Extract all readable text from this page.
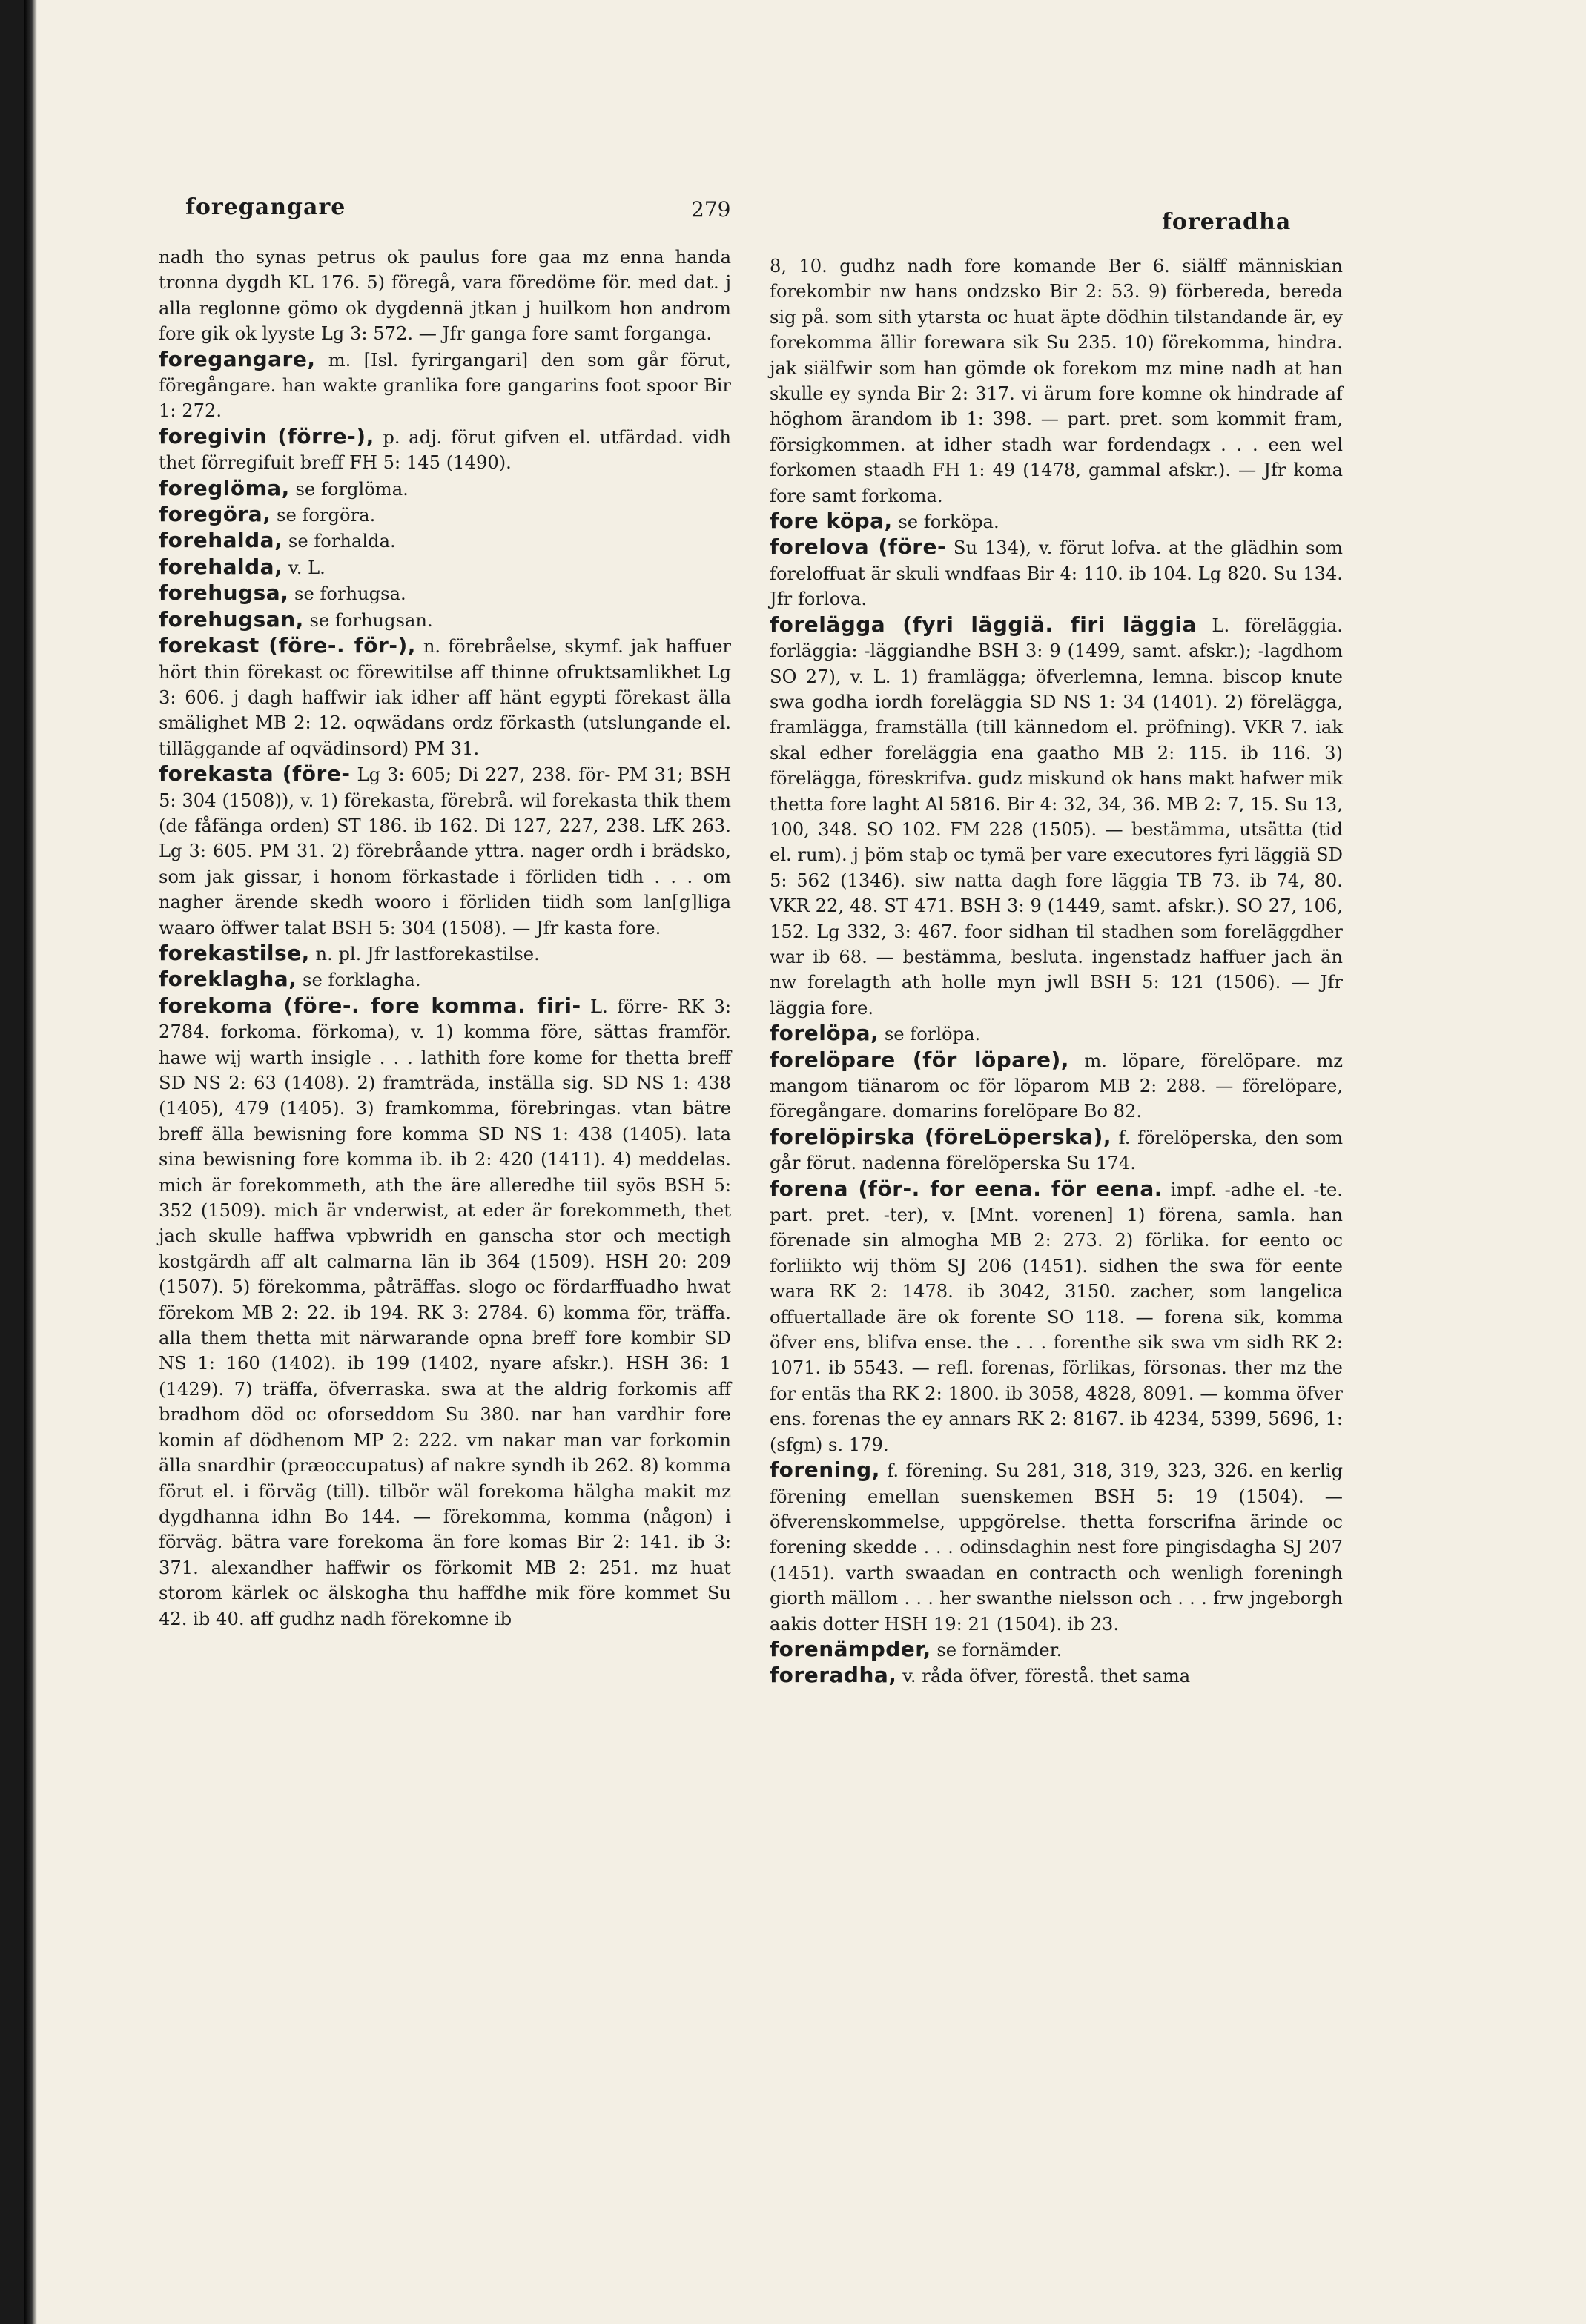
foregangare	279	foreradha

nadh tho synas petrus ok paulus fore gaa mz enna handa tronna dygdh KL 176. 5) föregå, vara föredöme för. med dat. j alla reglonne gömo ok dygdennä jtkan j huilkom hon androm fore gik ok lyyste Lg 3: 572. — Jfr ganga fore samt forganga.

foregangare, m. [Isl. fyrirgangari] den som går förut, föregångare. han wakte granlika fore gangarins foot spoor Bir 1: 272.

foregivin (förre-), p. adj. förut gifven el. utfärdad. vidh thet förregifuit breff FH 5: 145 (1490).

foreglöma, se forglöma.

foregöra, se forgöra.

forehalda, se forhalda.

forehalda, v. L.

forehugsa, se forhugsa.

forehugsan, se forhugsan.

forekast (före-. för-), n. förebråelse, skymf. jak haffuer hört thin förekast oc förewitilse aff thinne ofruktsamlikhet Lg 3: 606. j dagh haffwir iak idher aff hänt egypti förekast älla smälighet MB 2: 12. oqwädans ordz förkasth (utslungande el. tilläggande af oqvädinsord) PM 31.

forekasta (före- Lg 3: 605; Di 227, 238. för- PM 31; BSH 5: 304 (1508)), v. 1) förekasta, förebrå. wil forekasta thik them (de fåfänga orden) ST 186. ib 162. Di 127, 227, 238. LfK 263. Lg 3: 605. PM 31. 2) förebråande yttra. nager ordh i brädsko, som jak gissar, i honom förkastade i förliden tidh . . . om nagher ärende skedh wooro i förliden tiidh som lan[g]liga waaro öffwer talat BSH 5: 304 (1508). — Jfr kasta fore.

forekastilse, n. pl. Jfr lastforekastilse.

foreklagha, se forklagha.

forekoma (före-. fore komma. firi- L. förre- RK 3: 2784. forkoma. förkoma), v. 1) komma före, sättas framför. hawe wij warth insigle . . . lathith fore kome for thetta breff SD NS 2: 63 (1408). 2) framträda, inställa sig. SD NS 1: 438 (1405), 479 (1405). 3) framkomma, förebringas. vtan bätre breff älla bewisning fore komma SD NS 1: 438 (1405). lata sina bewisning fore komma ib. ib 2: 420 (1411). 4) meddelas. mich är forekommeth, ath the äre alleredhe tiil syös BSH 5: 352 (1509). mich är vnderwist, at eder är forekommeth, thet jach skulle haffwa vpbwridh en ganscha stor och mectigh kostgärdh aff alt calmarna län ib 364 (1509). HSH 20: 209 (1507). 5) förekomma, påträffas. slogo oc fördarffuadho hwat förekom MB 2: 22. ib 194. RK 3: 2784. 6) komma för, träffa. alla them thetta mit närwarande opna breff fore kombir SD NS 1: 160 (1402). ib 199 (1402, nyare afskr.). HSH 36: 1 (1429). 7) träffa, öfverraska. swa at the aldrig forkomis aff bradhom död oc oforseddom Su 380. nar han vardhir fore komin af dödhenom MP 2: 222. vm nakar man var forkomin älla snardhir (præoccupatus) af nakre syndh ib 262. 8) komma förut el. i förväg (till). tilbör wäl forekoma hälgha makit mz dygdhanna idhn Bo 144. — förekomma, komma (någon) i förväg. bätra vare forekoma än fore komas Bir 2: 141. ib 3: 371. alexandher haffwir os förkomit MB 2: 251. mz huat storom kärlek oc älskogha thu haffdhe mik före kommet Su 42. ib 40. aff gudhz nadh förekomne ib

8, 10. gudhz nadh fore komande Ber 6. siälff människian forekombir nw hans ondzsko Bir 2: 53. 9) förbereda, bereda sig på. som sith ytarsta oc huat äpte dödhin tilstandande är, ey forekomma ällir forewara sik Su 235. 10) förekomma, hindra. jak siälfwir som han gömde ok forekom mz mine nadh at han skulle ey synda Bir 2: 317. vi ärum fore komne ok hindrade af höghom ärandom ib 1: 398. — part. pret. som kommit fram, försigkommen. at idher stadh war fordendagx . . . een wel forkomen staadh FH 1: 49 (1478, gammal afskr.). — Jfr koma fore samt forkoma.

fore köpa, se forköpa.

forelova (före- Su 134), v. förut lofva. at the glädhin som foreloffuat är skuli wndfaas Bir 4: 110. ib 104. Lg 820. Su 134. Jfr forlova.

forelägga (fyri läggiä. firi läggia L. föreläggia. forläggia: -läggiandhe BSH 3: 9 (1499, samt. afskr.); -lagdhom SO 27), v. L. 1) framlägga; öfverlemna, lemna. biscop knute swa godha iordh foreläggia SD NS 1: 34 (1401). 2) förelägga, framlägga, framställa (till kännedom el. pröfning). VKR 7. iak skal edher foreläggia ena gaatho MB 2: 115. ib 116. 3) förelägga, föreskrifva. gudz miskund ok hans makt hafwer mik thetta fore laght Al 5816. Bir 4: 32, 34, 36. MB 2: 7, 15. Su 13, 100, 348. SO 102. FM 228 (1505). — bestämma, utsätta (tid el. rum). j þöm staþ oc tymä þer vare executores fyri läggiä SD 5: 562 (1346). siw natta dagh fore läggia TB 73. ib 74, 80. VKR 22, 48. ST 471. BSH 3: 9 (1449, samt. afskr.). SO 27, 106, 152. Lg 332, 3: 467. foor sidhan til stadhen som foreläggdher war ib 68. — bestämma, besluta. ingenstadz haffuer jach än nw forelagth ath holle myn jwll BSH 5: 121 (1506). — Jfr läggia fore.

forelöpa, se forlöpa.

forelöpare (för löpare), m. löpare, förelöpare. mz mangom tiänarom oc för löparom MB 2: 288. — förelöpare, föregångare. domarins forelöpare Bo 82.

forelöpirska (föreLöperska), f. förelöperska, den som går förut. nadenna förelöperska Su 174.

forena (för-. for eena. för eena. impf. -adhe el. -te. part. pret. -ter), v. [Mnt. vorenen] 1) förena, samla. han förenade sin almogha MB 2: 273. 2) förlika. for eento oc forliikto wij thöm SJ 206 (1451). sidhen the swa för eente wara RK 2: 1478. ib 3042, 3150. zacher, som langelica offuertallade äre ok forente SO 118. — forena sik, komma öfver ens, blifva ense. the . . . forenthe sik swa vm sidh RK 2: 1071. ib 5543. — refl. forenas, förlikas, försonas. ther mz the for entäs tha RK 2: 1800. ib 3058, 4828, 8091. — komma öfver ens. forenas the ey annars RK 2: 8167. ib 4234, 5399, 5696, 1: (sfgn) s. 179.

forening, f. förening. Su 281, 318, 319, 323, 326. en kerlig förening emellan suenskemen BSH 5: 19 (1504). — öfverenskommelse, uppgörelse. thetta forscrifna ärinde oc forening skedde . . . odinsdaghin nest fore pingisdagha SJ 207 (1451). varth swaadan en contracth och wenligh foreningh giorth mällom . . . her swanthe nielsson och . . . frw jngeborgh aakis dotter HSH 19: 21 (1504). ib 23.

forenämpder, se fornämder.

foreradha, v. råda öfver, förestå. thet sama
